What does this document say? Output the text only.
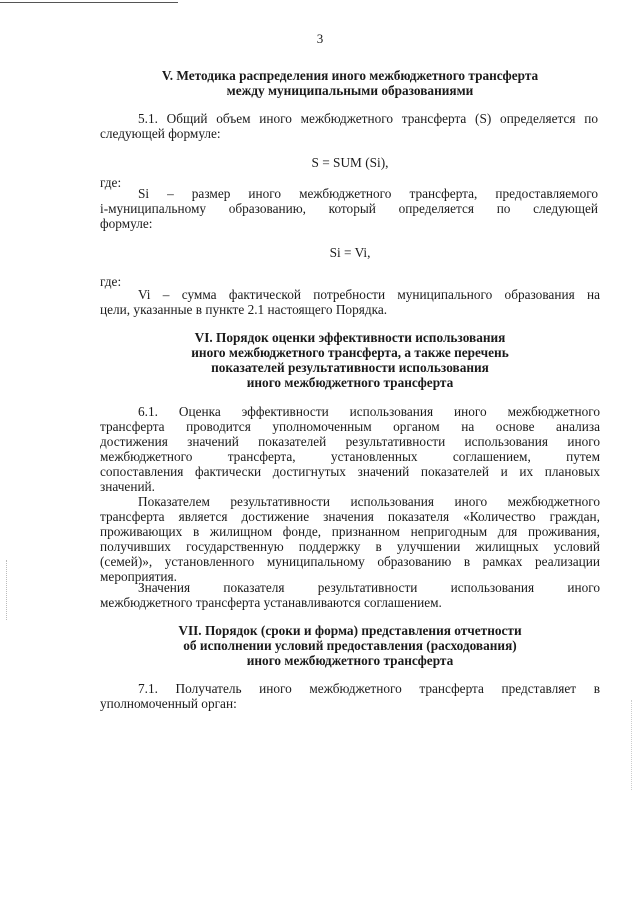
3
V. Методика распределения иного межбюджетного трансферта
между муниципальными образованиями
5.1. Общий объем иного межбюджетного трансферта (S) определяется по
следующей формуле:
S = SUM (Si),
где:
Si – размер иного межбюджетного трансферта, предоставляемого
i-муниципальному образованию, который определяется по следующей
формуле:
Si = Vi,
где:
Vi – сумма фактической потребности муниципального образования на
цели, указанные в пункте 2.1 настоящего Порядка.
VI. Порядок оценки эффективности использования
иного межбюджетного трансферта, а также перечень
показателей результативности использования
иного межбюджетного трансферта
6.1. Оценка эффективности использования иного межбюджетного
трансферта проводится уполномоченным органом на основе анализа
достижения значений показателей результативности использования иного
межбюджетного трансферта, установленных соглашением, путем
сопоставления фактически достигнутых значений показателей и их плановых
значений.
Показателем результативности использования иного межбюджетного
трансферта является достижение значения показателя «Количество граждан,
проживающих в жилищном фонде, признанном непригодным для проживания,
получивших государственную поддержку в улучшении жилищных условий
(семей)», установленного муниципальному образованию в рамках реализации
мероприятия.
Значения показателя результативности использования иного
межбюджетного трансферта устанавливаются соглашением.
VII. Порядок (сроки и форма) представления отчетности
об исполнении условий предоставления (расходования)
иного межбюджетного трансферта
7.1. Получатель иного межбюджетного трансферта представляет в
уполномоченный орган:
